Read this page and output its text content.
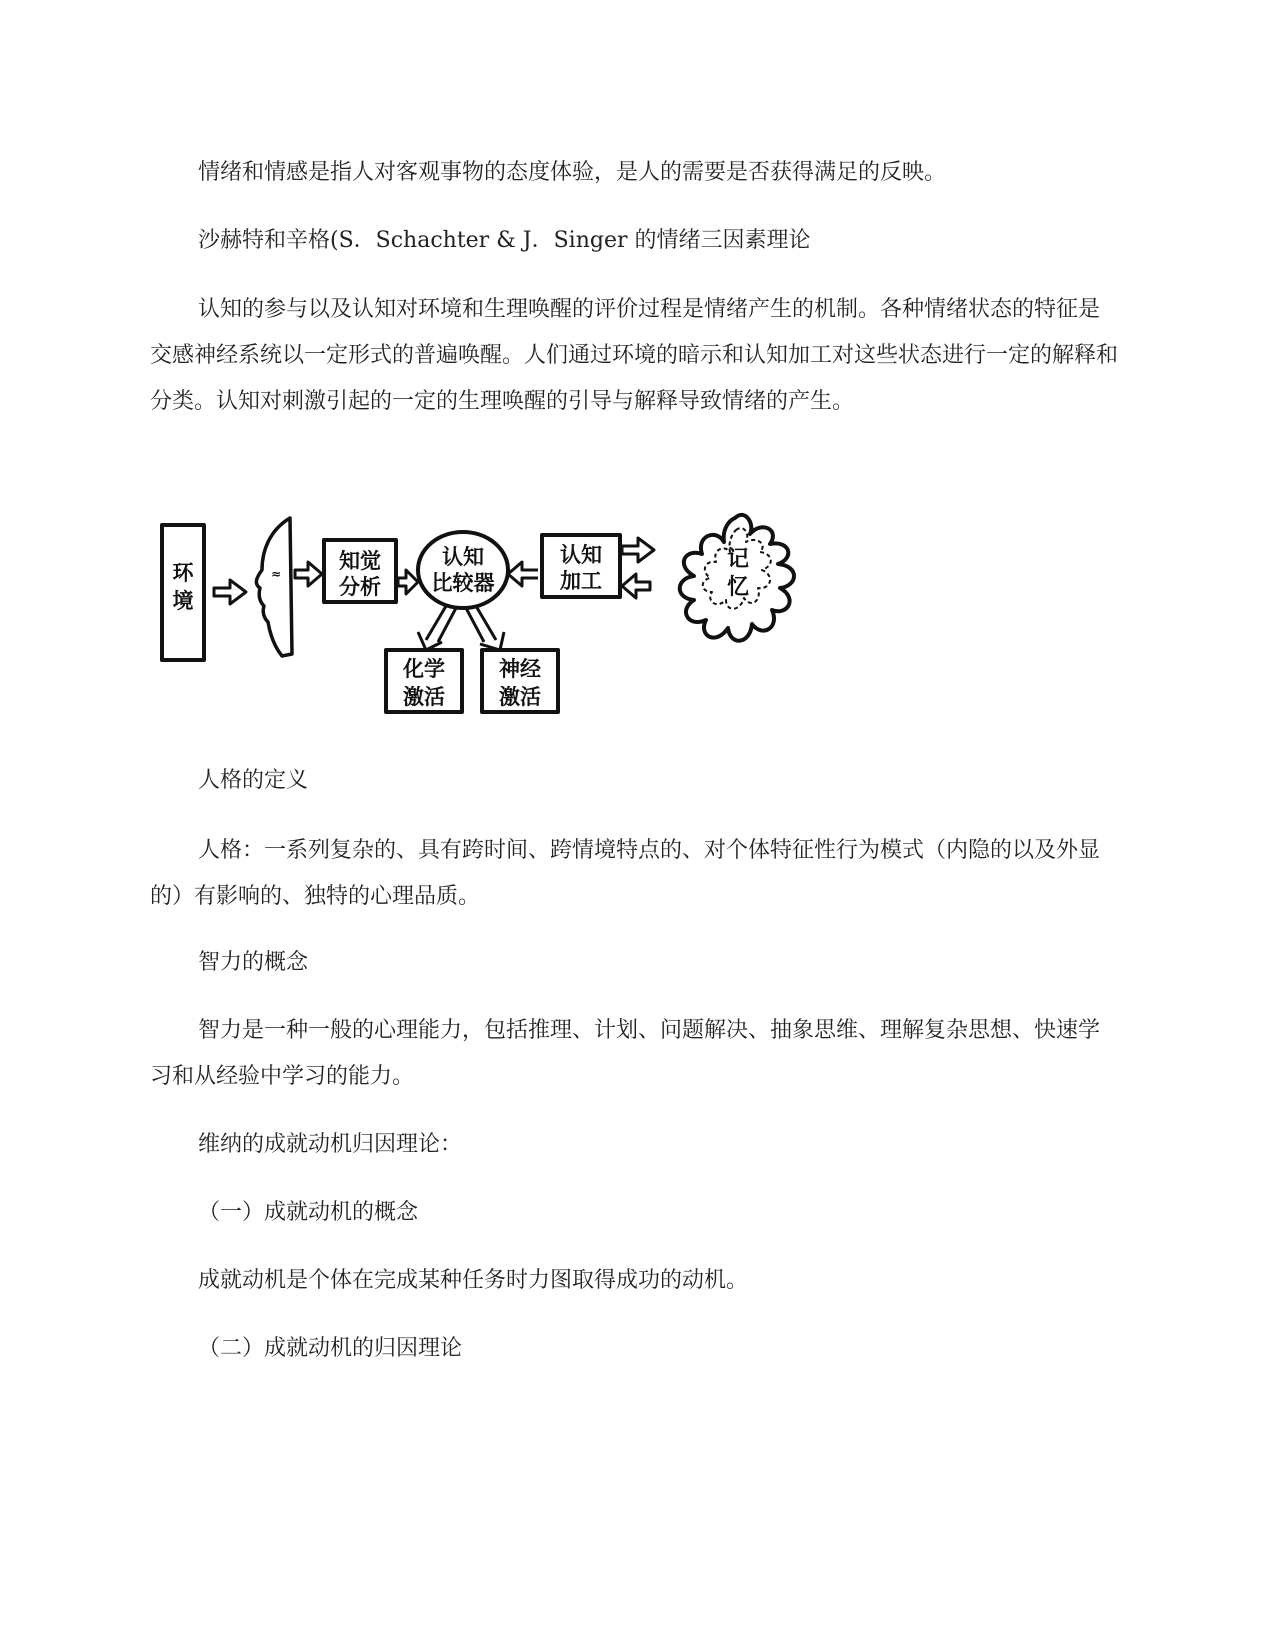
情绪和情感是指人对客观事物的态度体验，是人的需要是否获得满足的反映。

沙赫特和辛格(S．Schachter & J．Singer 的情绪三因素理论

认知的参与以及认知对环境和生理唤醒的评价过程是情绪产生的机制。各种情绪状态的特征是交感神经系统以一定形式的普遍唤醒。人们通过环境的暗示和认知加工对这些状态进行一定的解释和分类。认知对刺激引起的一定的生理唤醒的引导与解释导致情绪的产生。

环
境
≈
知觉
分析
认知
比较器
认知
加工
记
忆
化学
激活
神经
激活

人格的定义

人格：一系列复杂的、具有跨时间、跨情境特点的、对个体特征性行为模式（内隐的以及外显的）有影响的、独特的心理品质。

智力的概念

智力是一种一般的心理能力，包括推理、计划、问题解决、抽象思维、理解复杂思想、快速学习和从经验中学习的能力。

维纳的成就动机归因理论：

（一）成就动机的概念

成就动机是个体在完成某种任务时力图取得成功的动机。

（二）成就动机的归因理论
